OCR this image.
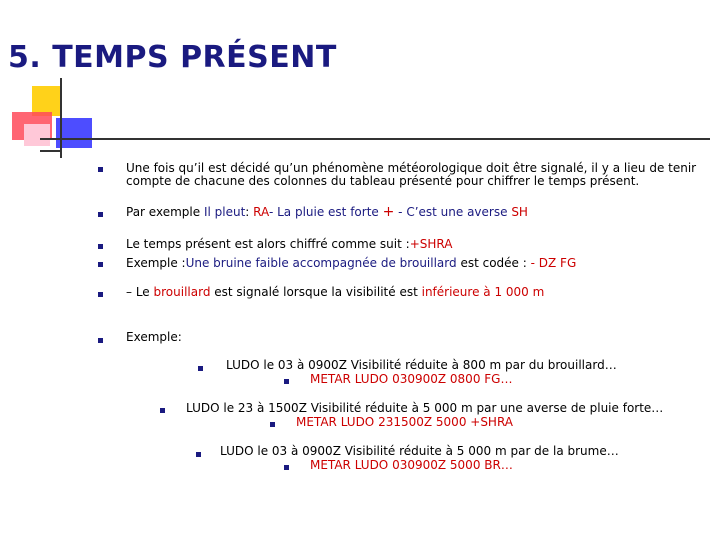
5. TEMPS PRÉSENT
Une fois qu’il est décidé qu’un phénomène météorologique doit être signalé, il y a lieu de tenir
compte de chacune des colonnes du tableau présenté pour chiffrer le temps présent.
Par exemple Il pleut: RA- La pluie est forte + - C’est une averse SH
Le temps présent est alors chiffré comme suit :+SHRA
Exemple :Une bruine faible accompagnée de brouillard est codée : - DZ FG
– Le brouillard est signalé lorsque la visibilité est inférieure à 1 000 m
Exemple:
LUDO le 03 à 0900Z Visibilité réduite à 800 m par du brouillard…
METAR LUDO 030900Z 0800 FG…
LUDO le 23 à 1500Z Visibilité réduite à 5 000 m par une averse de pluie forte…
METAR LUDO 231500Z 5000 +SHRA
LUDO le 03 à 0900Z Visibilité réduite à 5 000 m par de la brume…
METAR LUDO 030900Z 5000 BR…
